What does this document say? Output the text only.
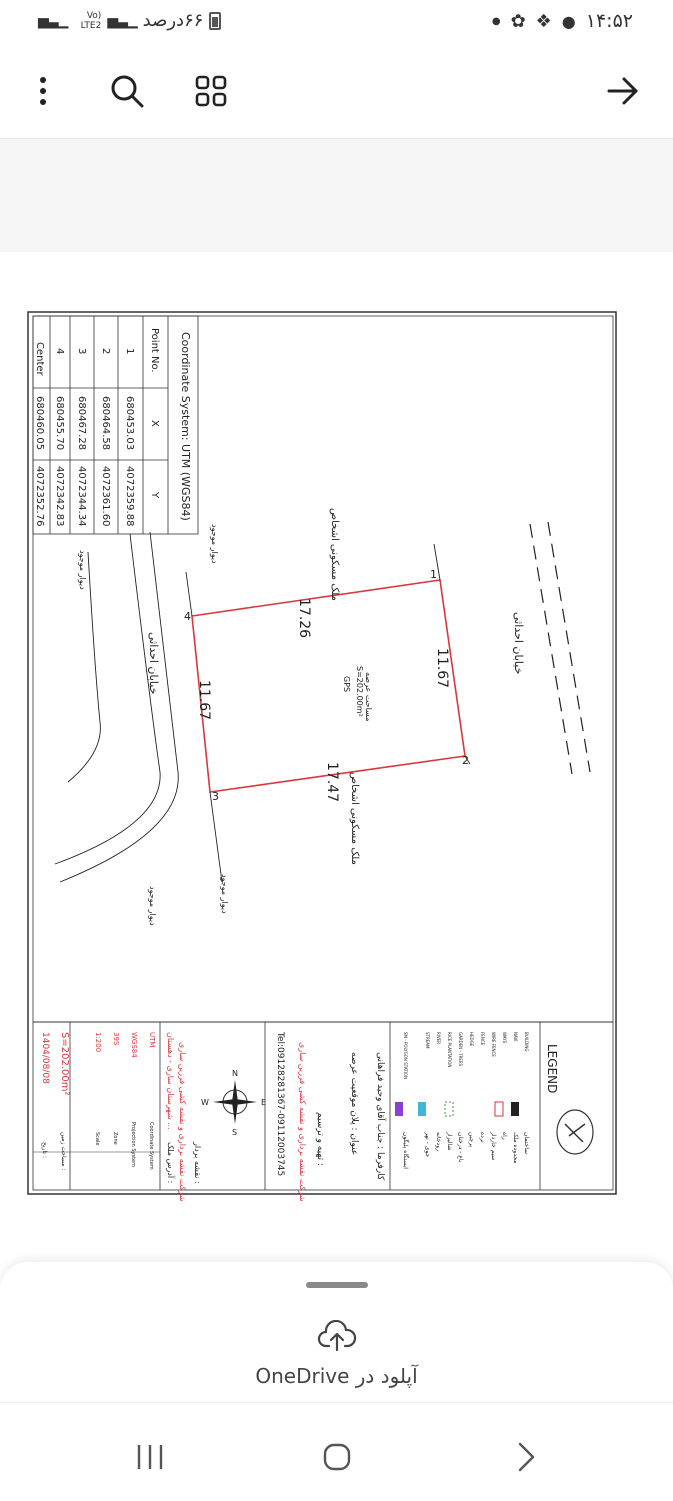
۶۶درصد
▁▃▅
Vo) LTE2
▁▃▅	● ✿ ❖ ● ۱۴:۵۲
Coordinate System: UTM (WGS84)
Point No.
X
Y
1
680453.03
4072359.88
2
680464.58
4072361.60
3
680467.28
4072344.34
4
680455.70
4072342.83
Center
680460.05
4072352.76
خیابان احداثی
1
2
3
4
11.67
11.67
17.26
17.47
مساحت عرصه
S=202.00m²
GPS
ملک مسکونی اشخاص
ملک مسکونی اشخاص
خیابان احداثی
دیوار موجود
دیوار موجود
دیوار موجود
دیوار موجود
LEGEND
BUILDING
ساختمان
NAVI
محدوده ملک
WAYS
راه
WIRE FENCE
سیم خاردار
FENCE
نرده
HEDGE
پرچین
GARDEN - TREES
باغ - درختان
RICE PLANTATION
شالیزار
RIVER
رودخانه
STREAM
جوی - نهر
SM - POLYGON STATION
ایستگاه پلیگون
کارفرما : جناب آقای وحید فراهانی
عنوان : پلان موقعیت عرصه
تهیه و ترسیم :
شرکت نقشه برداری و نقشه کشی فرزین ساری
Tel:09128281367-09112003745
N
S
E
W
نقشه بردار :
شرکت نقشه برداری و نقشه کشی فرزین ساری
آدرس ملک :
شهرستان ساری - دهستان ...
UTM
Coordinate System
WGS84
Projection System
39S
Zone
1:200
Scale
S=202.00m²
مساحت زمین :
1404/08/08
تاریخ :
آپلود در OneDrive
